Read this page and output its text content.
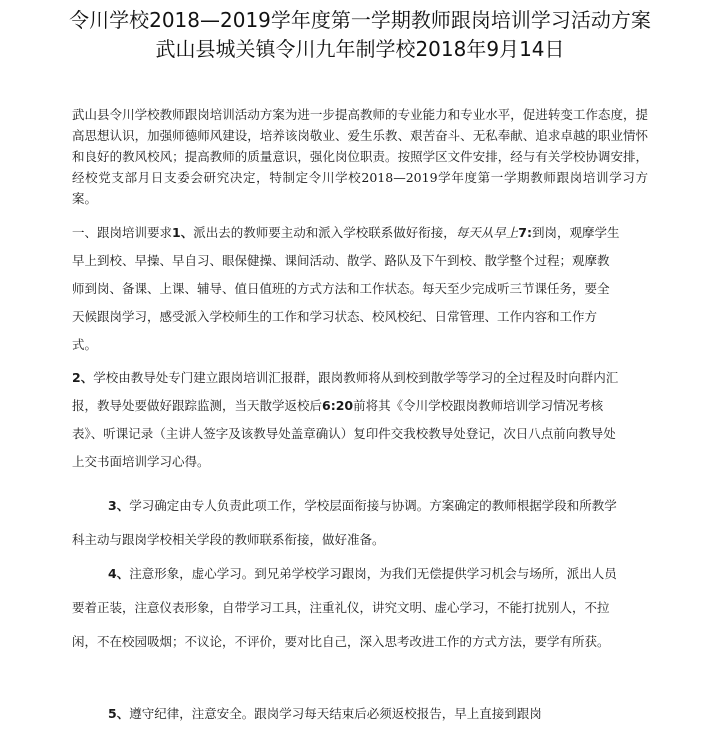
令川学校2018—2019学年度第一学期教师跟岗培训学习活动方案武山县城关镇令川九年制学校2018年9月14日

武山县令川学校教师跟岗培训活动方案为进一步提高教师的专业能力和专业水平，促进转变工作态度，提高思想认识，加强师德师风建设，培养该岗敬业、爱生乐教、艰苦奋斗、无私奉献、追求卓越的职业情怀和良好的教风校风；提高教师的质量意识，强化岗位职责。按照学区文件安排，经与有关学校协调安排，经校党支部月日支委会研究决定，特制定令川学校2018—2019学年度第一学期教师跟岗培训学习方案。

一、跟岗培训要求1、派出去的教师要主动和派入学校联系做好衔接，每天从早上7:到岗，观摩学生早上到校、早操、早自习、眼保健操、课间活动、散学、路队及下午到校、散学整个过程；观摩教师到岗、备课、上课、辅导、值日值班的方式方法和工作状态。每天至少完成听三节课任务，要全天候跟岗学习，感受派入学校师生的工作和学习状态、校风校纪、日常管理、工作内容和工作方式。

2、学校由教导处专门建立跟岗培训汇报群，跟岗教师将从到校到散学等学习的全过程及时向群内汇报，教导处要做好跟踪监测，当天散学返校后6:20前将其《令川学校跟岗教师培训学习情况考核表》、听课记录（主讲人签字及该教导处盖章确认）复印件交我校教导处登记，次日八点前向教导处上交书面培训学习心得。

3、学习确定由专人负责此项工作，学校层面衔接与协调。方案确定的教师根据学段和所教学科主动与跟岗学校相关学段的教师联系衔接，做好准备。

4、注意形象，虚心学习。到兄弟学校学习跟岗，为我们无偿提供学习机会与场所，派出人员要着正装，注意仪表形象，自带学习工具，注重礼仪，讲究文明、虚心学习，不能打扰别人，不拉闲，不在校园吸烟；不议论，不评价，要对比自己，深入思考改进工作的方式方法，要学有所获。

5、遵守纪律，注意安全。跟岗学习每天结束后必须返校报告，早上直接到跟岗
